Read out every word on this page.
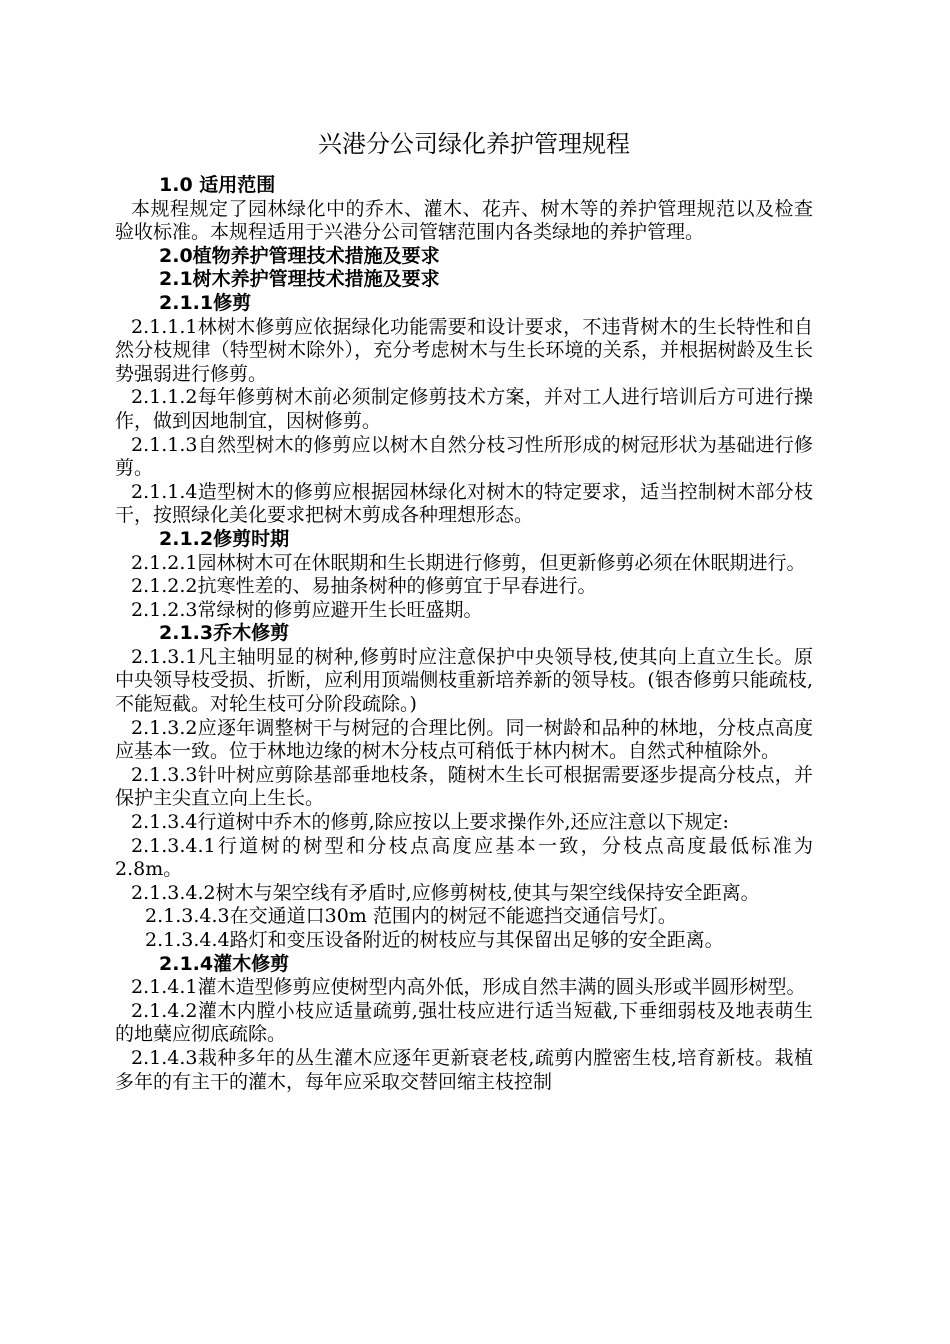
兴港分公司绿化养护管理规程
1.0 适用范围
本规程规定了园林绿化中的乔木、灌木、花卉、树木等的养护管理规范以及检查验收标准。本规程适用于兴港分公司管辖范围内各类绿地的养护管理。
2.0植物养护管理技术措施及要求
2.1树木养护管理技术措施及要求
2.1.1修剪
2.1.1.1林树木修剪应依据绿化功能需要和设计要求，不违背树木的生长特性和自然分枝规律（特型树木除外），充分考虑树木与生长环境的关系，并根据树龄及生长势强弱进行修剪。
2.1.1.2每年修剪树木前必须制定修剪技术方案，并对工人进行培训后方可进行操作，做到因地制宜，因树修剪。
2.1.1.3自然型树木的修剪应以树木自然分枝习性所形成的树冠形状为基础进行修剪。
2.1.1.4造型树木的修剪应根据园林绿化对树木的特定要求，适当控制树木部分枝干，按照绿化美化要求把树木剪成各种理想形态。
2.1.2修剪时期
2.1.2.1园林树木可在休眠期和生长期进行修剪，但更新修剪必须在休眠期进行。
2.1.2.2抗寒性差的、易抽条树种的修剪宜于早春进行。
2.1.2.3常绿树的修剪应避开生长旺盛期。
2.1.3乔木修剪
2.1.3.1凡主轴明显的树种,修剪时应注意保护中央领导枝,使其向上直立生长。原中央领导枝受损、折断，应利用顶端侧枝重新培养新的领导枝。(银杏修剪只能疏枝,不能短截。对轮生枝可分阶段疏除。)
2.1.3.2应逐年调整树干与树冠的合理比例。同一树龄和品种的林地，分枝点高度应基本一致。位于林地边缘的树木分枝点可稍低于林内树木。自然式种植除外。
2.1.3.3针叶树应剪除基部垂地枝条，随树木生长可根据需要逐步提高分枝点，并保护主尖直立向上生长。
2.1.3.4行道树中乔木的修剪,除应按以上要求操作外,还应注意以下规定:
2.1.3.4.1行道树的树型和分枝点高度应基本一致，分枝点高度最低标准为2.8m。
2.1.3.4.2树木与架空线有矛盾时,应修剪树枝,使其与架空线保持安全距离。
2.1.3.4.3在交通道口30m 范围内的树冠不能遮挡交通信号灯。
2.1.3.4.4路灯和变压设备附近的树枝应与其保留出足够的安全距离。
2.1.4灌木修剪
2.1.4.1灌木造型修剪应使树型内高外低，形成自然丰满的圆头形或半圆形树型。
2.1.4.2灌木内膛小枝应适量疏剪,强壮枝应进行适当短截,下垂细弱枝及地表萌生的地蘖应彻底疏除。
2.1.4.3栽种多年的丛生灌木应逐年更新衰老枝,疏剪内膛密生枝,培育新枝。栽植多年的有主干的灌木，每年应采取交替回缩主枝控制
